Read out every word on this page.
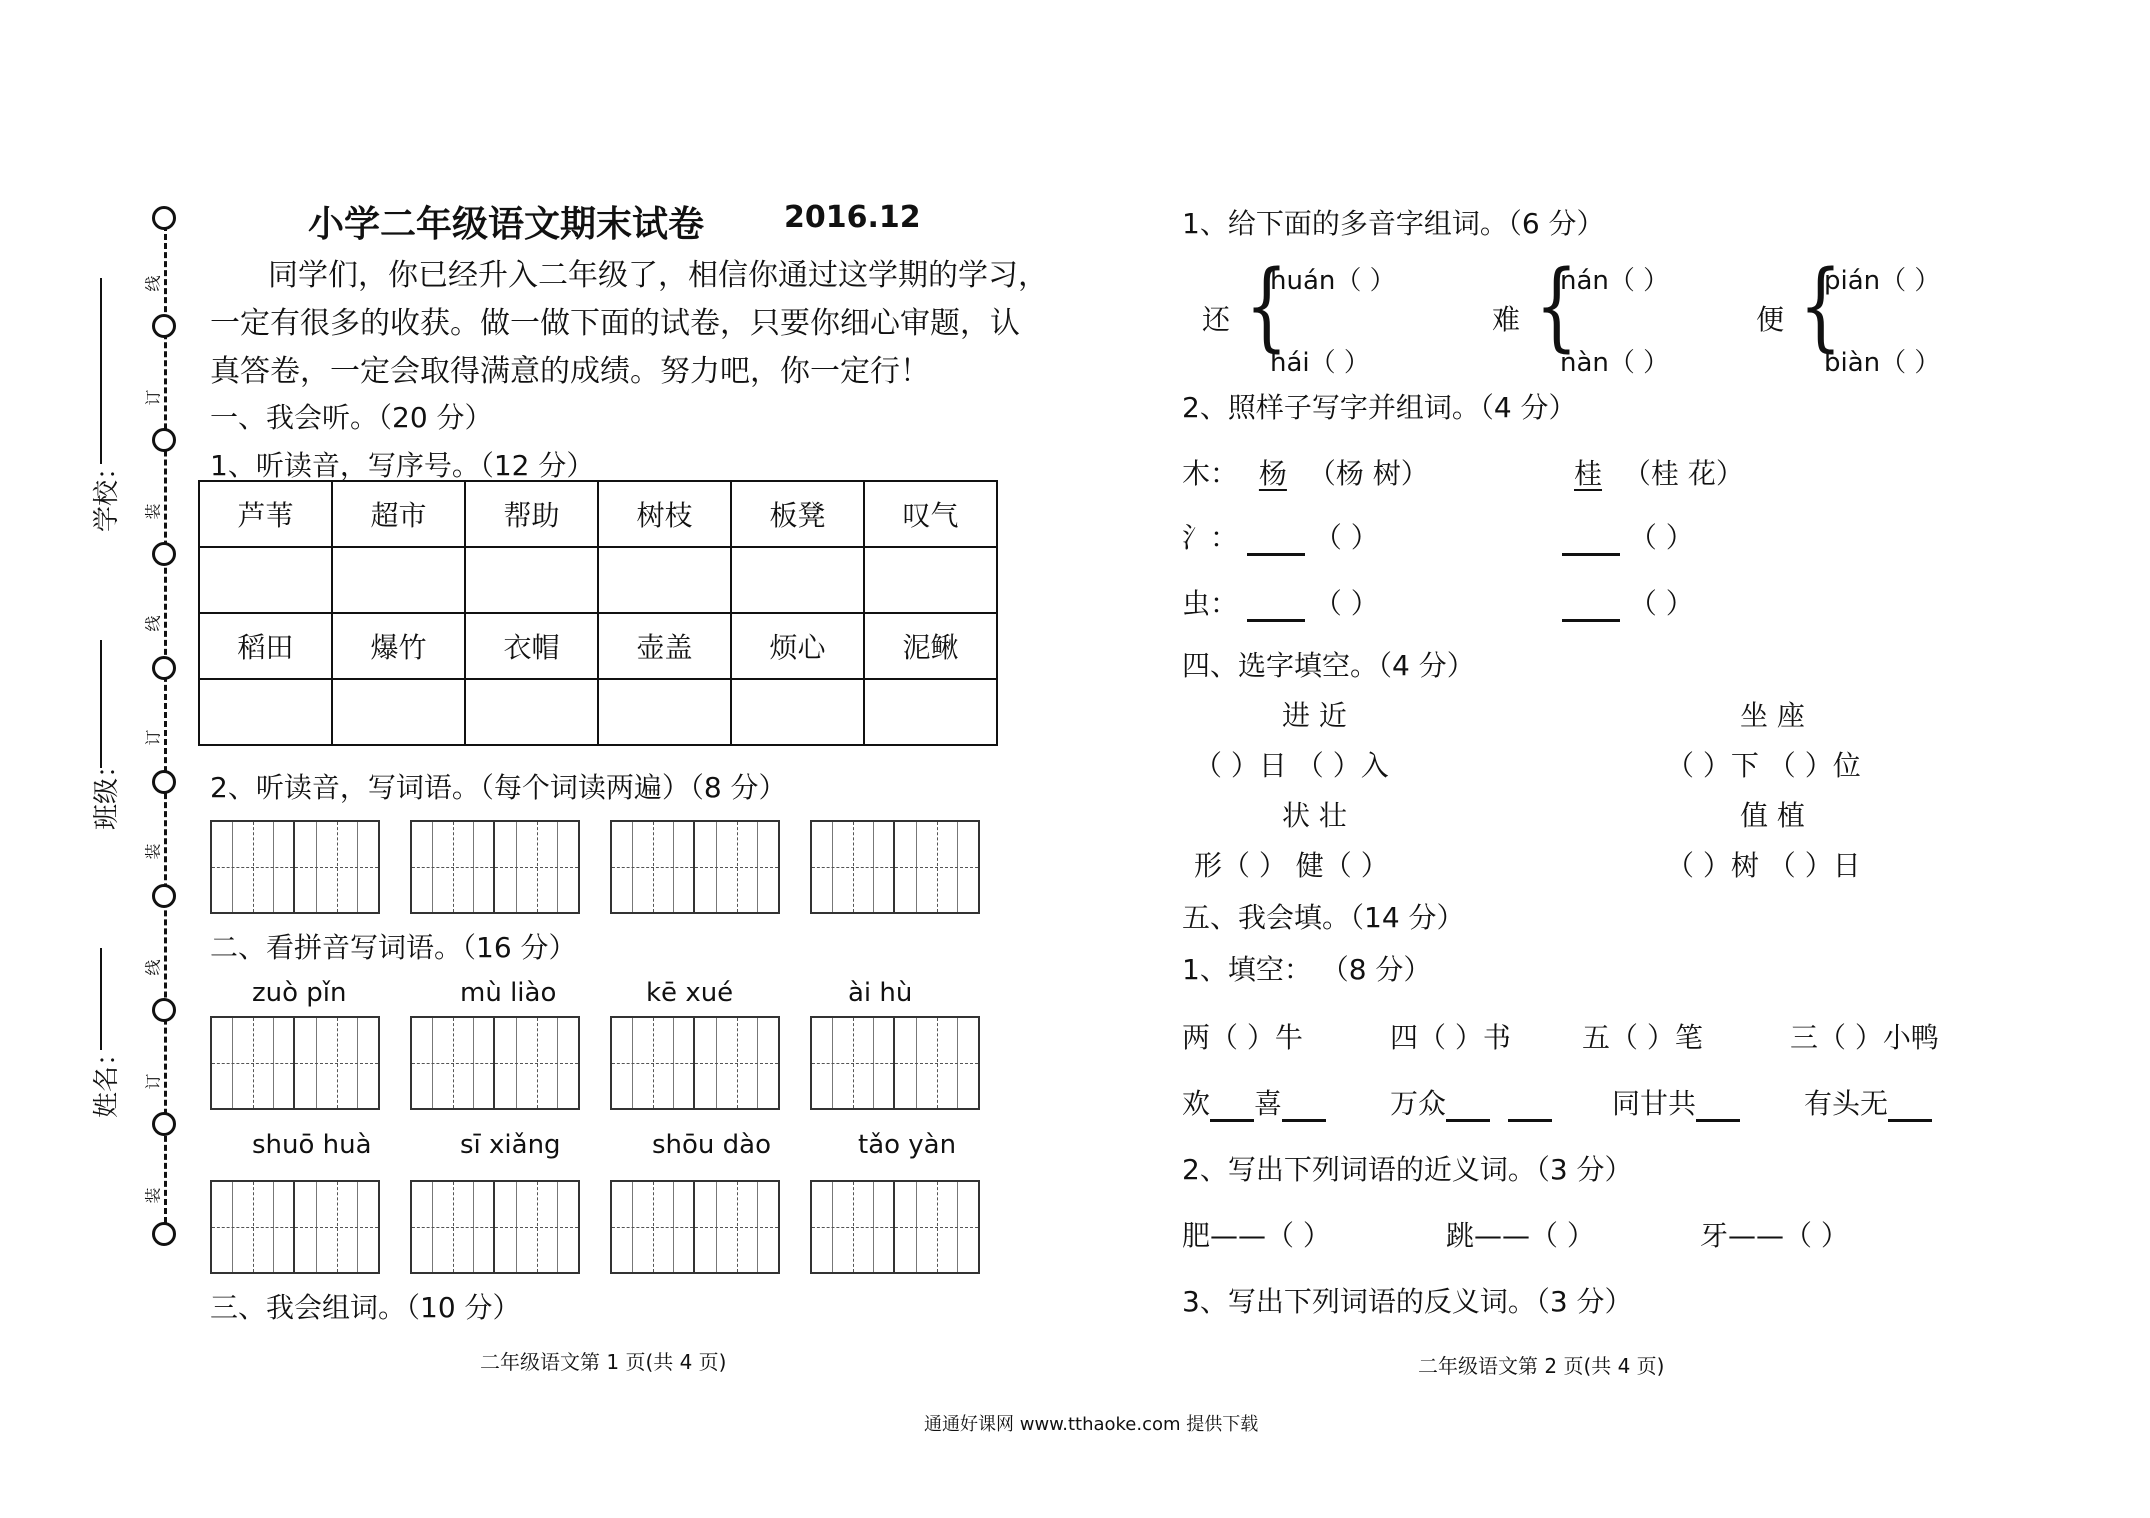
线
订
装
线
订
装
线
订
装
学校：
班级：
姓名：
小学二年级语文期末试卷	2016.12
同学们，你已经升入二年级了，相信你通过这学期的学习，
一定有很多的收获。做一做下面的试卷，只要你细心审题，认
真答卷，一定会取得满意的成绩。努力吧，你一定行！
一、我会听。（20 分）
1、听读音，写序号。（12 分）
芦苇	超市	帮助	树枝	板凳	叹气

稻田	爆竹	衣帽	壶盖	烦心	泥鳅

2、听读音，写词语。（每个词读两遍）（8 分）
二、看拼音写词语。（16 分）
zuò pǐn	mù liào	kē xué	ài hù
shuō huà	sī xiǎng	shōu dào	tǎo yàn
三、我会组词。（10 分）
二年级语文第 1 页(共 4 页)
1、给下面的多音字组词。（6 分）
还 {
huán（ ）
hái（ ）
难 {
nán（ ）
nàn（ ）
便 {
pián（ ）
biàn（ ）
2、照样子写字并组词。（4 分）
木： 杨 （杨 树）	桂 （桂 花）
氵：	（ ）	（ ）
虫：	（ ）	（ ）
四、选字填空。（4 分）
进 近	坐 座
（ ）日 （ ）入	（ ）下 （ ）位
状 壮	值 植
形（ ） 健（ ）	（ ）树 （ ）日
五、我会填。（14 分）
1、填空： （8 分）
两（ ）牛	四（ ）书	五（ ）笔	三（ ）小鸭
欢 喜	万众	同甘共	有头无
2、写出下列词语的近义词。（3 分）
肥——（ ）	跳——（ ）	牙——（ ）
3、写出下列词语的反义词。（3 分）
二年级语文第 2 页(共 4 页)
通通好课网 www.tthaoke.com 提供下载
